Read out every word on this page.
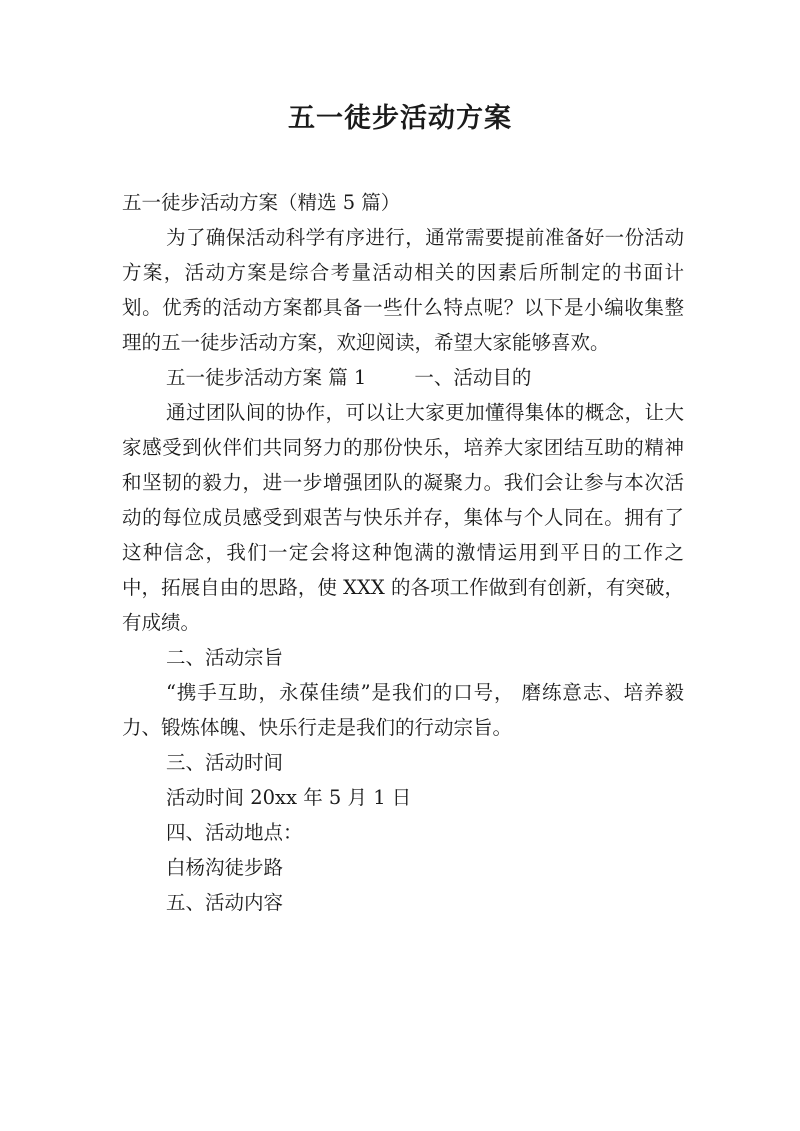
五一徒步活动方案

五一徒步活动方案（精选 5 篇）

为了确保活动科学有序进行，通常需要提前准备好一份活动方案，活动方案是综合考量活动相关的因素后所制定的书面计划。优秀的活动方案都具备一些什么特点呢？以下是小编收集整理的五一徒步活动方案，欢迎阅读，希望大家能够喜欢。

五一徒步活动方案 篇 1 一、活动目的

通过团队间的协作，可以让大家更加懂得集体的概念，让大家感受到伙伴们共同努力的那份快乐，培养大家团结互助的精神和坚韧的毅力，进一步增强团队的凝聚力。我们会让参与本次活动的每位成员感受到艰苦与快乐并存，集体与个人同在。拥有了这种信念，我们一定会将这种饱满的激情运用到平日的工作之中，拓展自由的思路，使 XXX 的各项工作做到有创新，有突破，有成绩。

二、活动宗旨

“携手互助，永葆佳绩”是我们的口号， 磨练意志、培养毅力、锻炼体魄、快乐行走是我们的行动宗旨。

三、活动时间

活动时间 20xx 年 5 月 1 日

四、活动地点：

白杨沟徒步路

五、活动内容
